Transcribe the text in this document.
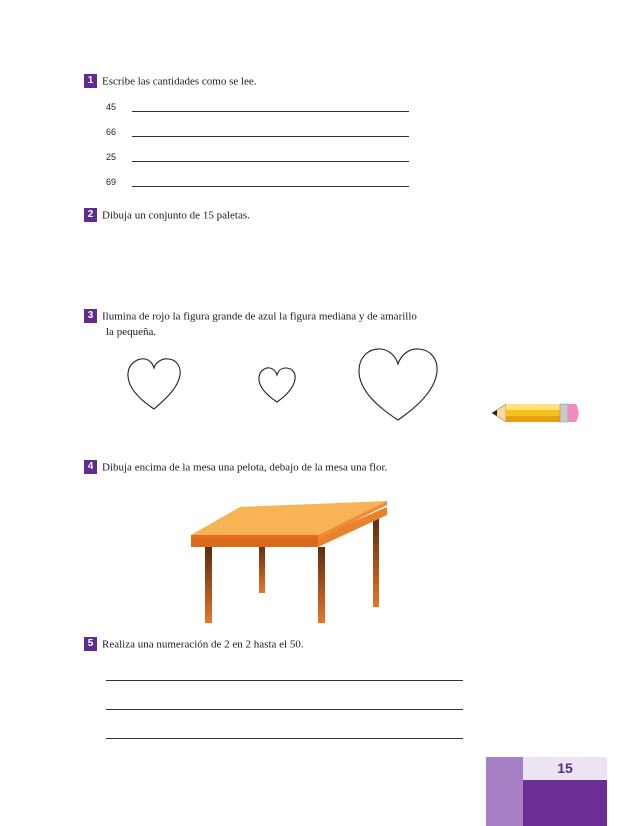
1 Escribe las cantidades como se lee.
45
66
25
69
2 Dibuja un conjunto de 15 paletas.
3 Ilumina de rojo la figura grande de azul la figura mediana y de amarillo
la pequeña.
4 Dibuja encima de la mesa una pelota, debajo de la mesa una flor.
5 Realiza una numeración de 2 en 2 hasta el 50.
15
